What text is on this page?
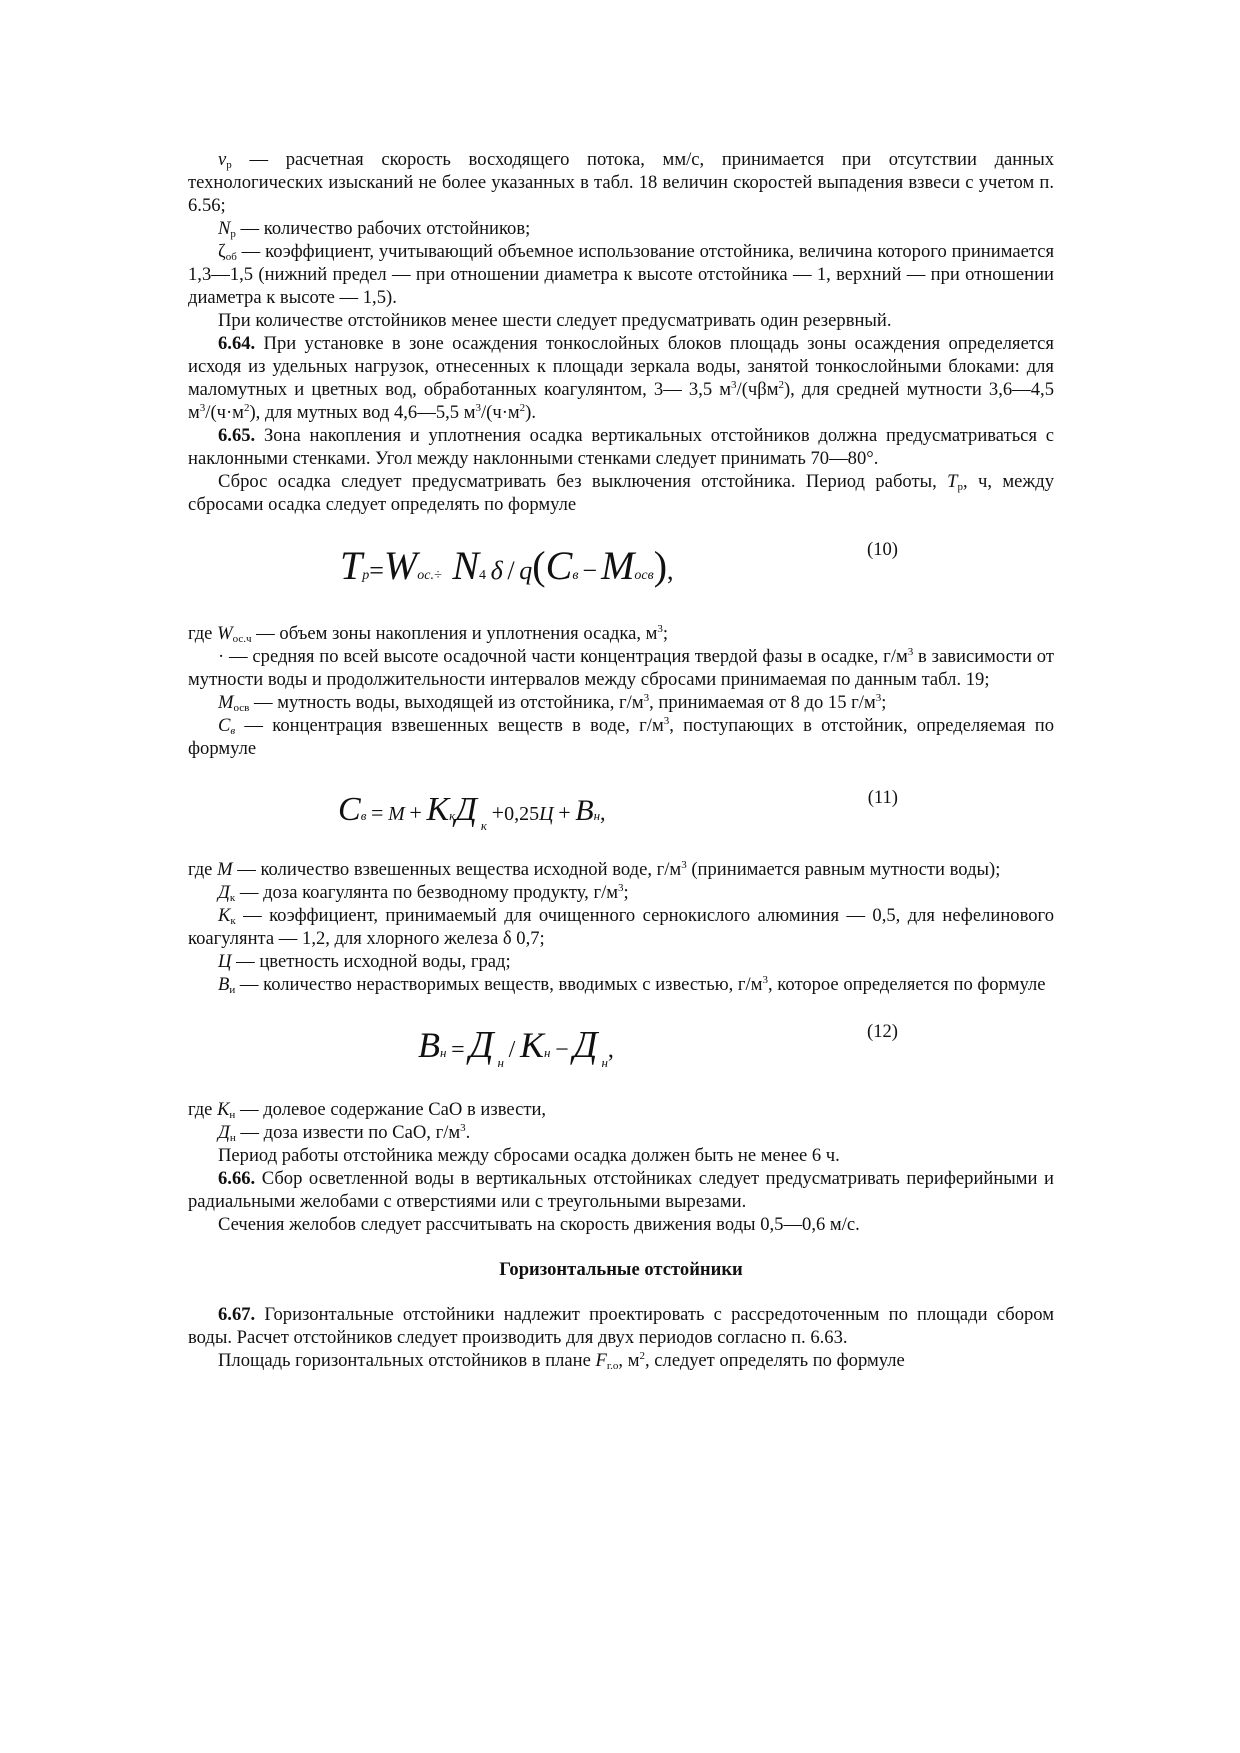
$v_р$ — расчетная скорость восходящего потока, мм/с, принимается при отсутствии данных технологических изысканий не более указанных в табл. 18 величин скоростей выпадения взвеси с учетом п. 6.56;

$N_р$ — количество рабочих отстойников;

$\zeta_{об}$ — коэффициент, учитывающий объемное использование отстойника, величина которого принимается 1,3—1,5 (нижний предел — при отношении диаметра к высоте отстойника — 1, верхний — при отношении диаметра к высоте — 1,5).

При количестве отстойников менее шести следует предусматривать один резервный.

6.64. При установке в зоне осаждения тонкослойных блоков площадь зоны осаждения определяется исходя из удельных нагрузок, отнесенных к площади зеркала воды, занятой тонкослойными блоками: для маломутных и цветных вод, обработанных коагулянтом, 3— 3,5 $м^3/(ч\beta м^2)$, для средней мутности 3,6—4,5 $м^3/(ч\cdot м^2)$, для мутных вод 4,6—5,5 $м^3/(ч\cdot м^2)$.

6.65. Зона накопления и уплотнения осадка вертикальных отстойников должна предусматриваться с наклонными стенками. Угол между наклонными стенками следует принимать 70—80°.

Сброс осадка следует предусматривать без выключения отстойника. Период работы, $T_р$, ч, между сбросами осадка следует определять по формуле

(10)
Tр=Wос.÷ N4 δ / q(Cв − Mосв),

где $W_{ос.ч}$ — объем зоны накопления и уплотнения осадка, $м^3$;

· — средняя по всей высоте осадочной части концентрация твердой фазы в осадке, $г/м^3$ в зависимости от мутности воды и продолжительности интервалов между сбросами принимаемая по данным табл. 19;

$М_{осв}$ — мутность воды, выходящей из отстойника, $г/м^3$, принимаемая от 8 до 15 $г/м^3$;

$С_в$ — концентрация взвешенных веществ в воде, $г/м^3$, поступающих в отстойник, определяемая по формуле

(11)
Cв = M + KкД $_к$ +0,25Ц + Bн,

где М — количество взвешенных вещества исходной воде, $г/м^3$ (принимается равным мутности воды);

$Д_к$ — доза коагулянта по безводному продукту, $г/м^3$;

$К_к$ — коэффициент, принимаемый для очищенного сернокислого алюминия — 0,5, для нефелинового коагулянта — 1,2, для хлорного железа δ 0,7;

Ц — цветность исходной воды, град;

$В_и$ — количество нерастворимых веществ, вводимых с известью, $г/м^3$, которое определяется по формуле

(12)
Bн = Д $_н$ / Kн − Д $_н$,

где $К_н$ — долевое содержание СаО в извести,

$Д_н$ — доза извести по СаО, $г/м^3$.

Период работы отстойника между сбросами осадка должен быть не менее 6 ч.

6.66. Сбор осветленной воды в вертикальных отстойниках следует предусматривать периферийными и радиальными желобами с отверстиями или с треугольными вырезами.

Сечения желобов следует рассчитывать на скорость движения воды 0,5—0,6 м/с.

Горизонтальные отстойники

6.67. Горизонтальные отстойники надлежит проектировать с рассредоточенным по площади сбором воды. Расчет отстойников следует производить для двух периодов согласно п. 6.63.

Площадь горизонтальных отстойников в плане $F_{г.о}$, $м^2$, следует определять по формуле
